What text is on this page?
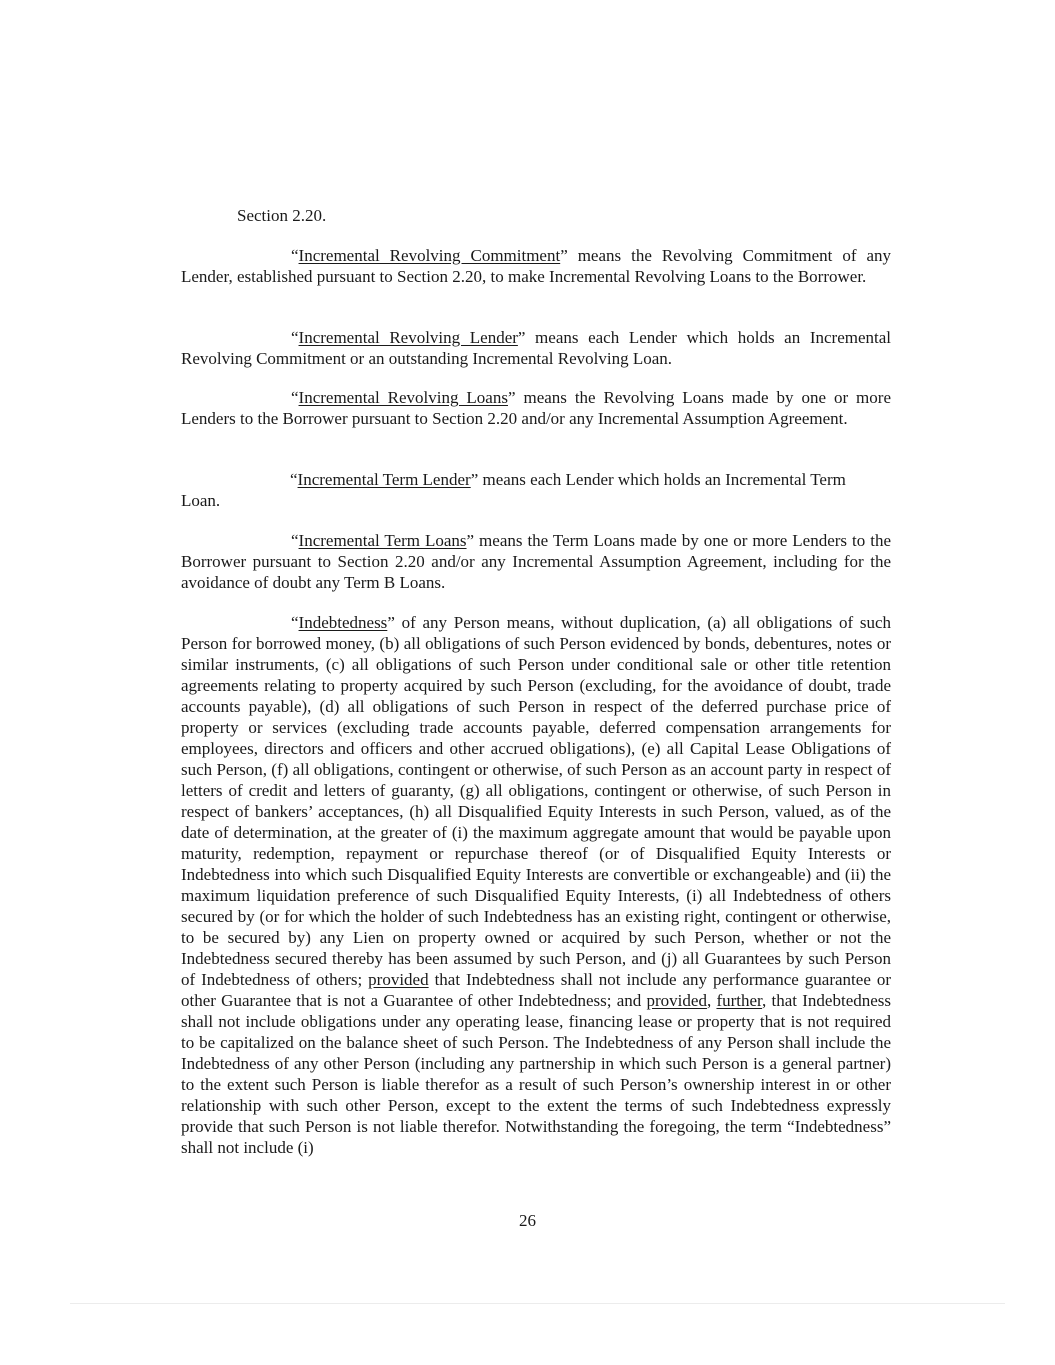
Section 2.20.

“Incremental Revolving Commitment” means the Revolving Commitment of any Lender, established pursuant to Section 2.20, to make Incremental Revolving Loans to the Borrower.

“Incremental Revolving Lender” means each Lender which holds an Incremental Revolving Commitment or an outstanding Incremental Revolving Loan.

“Incremental Revolving Loans” means the Revolving Loans made by one or more Lenders to the Borrower pursuant to Section 2.20 and/or any Incremental Assumption Agreement.

“Incremental Term Loans” means the Term Loans made by one or more Lenders to the Borrower pursuant to Section 2.20 and/or any Incremental Assumption Agreement, including for the avoidance of doubt any Term B Loans.

“Indebtedness” of any Person means, without duplication, (a) all obligations of such Person for borrowed money, (b) all obligations of such Person evidenced by bonds, debentures, notes or similar instruments, (c) all obligations of such Person under conditional sale or other title retention agreements relating to property acquired by such Person (excluding, for the avoidance of doubt, trade accounts payable), (d) all obligations of such Person in respect of the deferred purchase price of property or services (excluding trade accounts payable, deferred compensation arrangements for employees, directors and officers and other accrued obligations), (e) all Capital Lease Obligations of such Person, (f) all obligations, contingent or otherwise, of such Person as an account party in respect of letters of credit and letters of guaranty, (g) all obligations, contingent or otherwise, of such Person in respect of bankers’ acceptances, (h) all Disqualified Equity Interests in such Person, valued, as of the date of determination, at the greater of (i) the maximum aggregate amount that would be payable upon maturity, redemption, repayment or repurchase thereof (or of Disqualified Equity Interests or Indebtedness into which such Disqualified Equity Interests are convertible or exchangeable) and (ii) the maximum liquidation preference of such Disqualified Equity Interests, (i) all Indebtedness of others secured by (or for which the holder of such Indebtedness has an existing right, contingent or otherwise, to be secured by) any Lien on property owned or acquired by such Person, whether or not the Indebtedness secured thereby has been assumed by such Person, and (j) all Guarantees by such Person of Indebtedness of others; provided that Indebtedness shall not include any performance guarantee or other Guarantee that is not a Guarantee of other Indebtedness; and provided, further, that Indebtedness shall not include obligations under any operating lease, financing lease or property that is not required to be capitalized on the balance sheet of such Person. The Indebtedness of any Person shall include the Indebtedness of any other Person (including any partnership in which such Person is a general partner) to the extent such Person is liable therefor as a result of such Person’s ownership interest in or other relationship with such other Person, except to the extent the terms of such Indebtedness expressly provide that such Person is not liable therefor. Notwithstanding the foregoing, the term “Indebtedness” shall not include (i)

“Incremental Term Lender” means each Lender which holds an Incremental Term

Loan.

26
